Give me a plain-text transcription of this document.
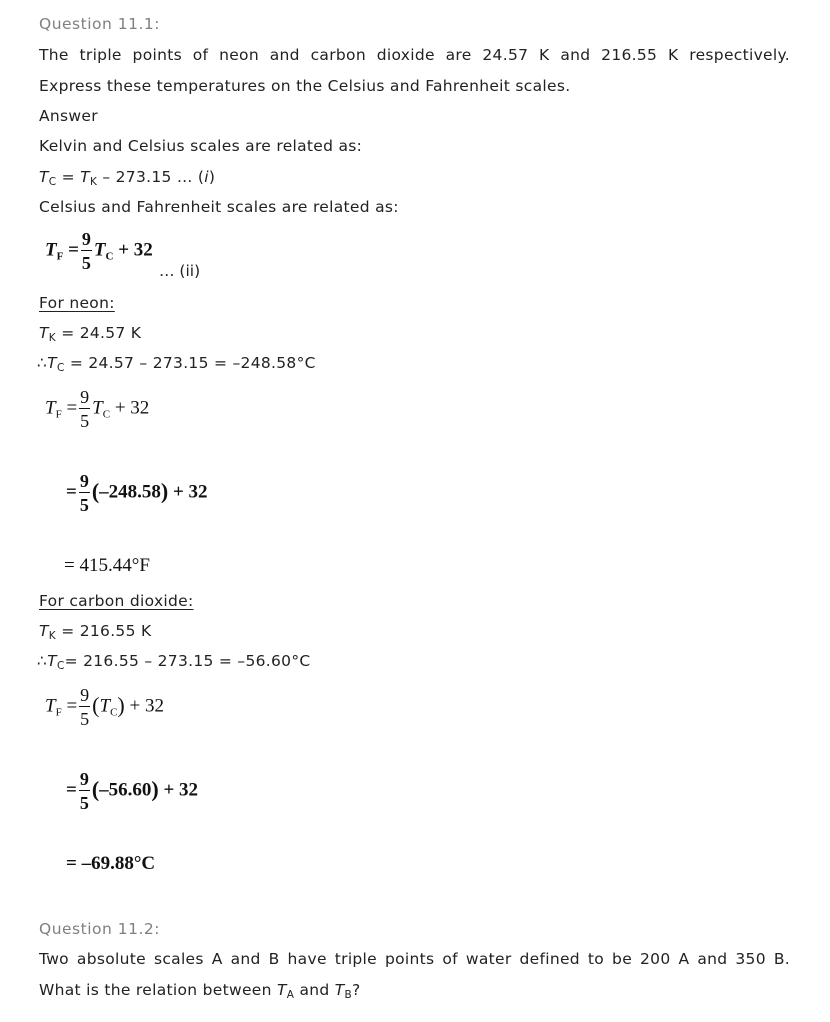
Question 11.1:
The triple points of neon and carbon dioxide are 24.57 K and 216.55 K respectively.
Express these temperatures on the Celsius and Fahrenheit scales.
Answer
Kelvin and Celsius scales are related as:
$T_C = T_K - 273.15$ … (i)
Celsius and Fahrenheit scales are related as:
$T_F = \frac{9}{5} T_C + 32$
… (ii)
For neon:
$T_K = 24.57$ K
$\therefore T_C = 24.57 - 273.15 = -248.58^\circ C$
$T_F = \frac{9}{5} T_C + 32$
= $\frac{9}{5} (-248.58) + 32$
= 415.44°F
For carbon dioxide:
$T_K = 216.55$ K
$\therefore T_C= 216.55 - 273.15 = -56.60^\circ C$
$T_F = \frac{9}{5} (T_C) + 32$
= $\frac{9}{5} (-56.60) + 32$
= –69.88°C
Question 11.2:
Two absolute scales A and B have triple points of water defined to be 200 A and 350 B.
What is the relation between $T_A$ and $T_B$?
